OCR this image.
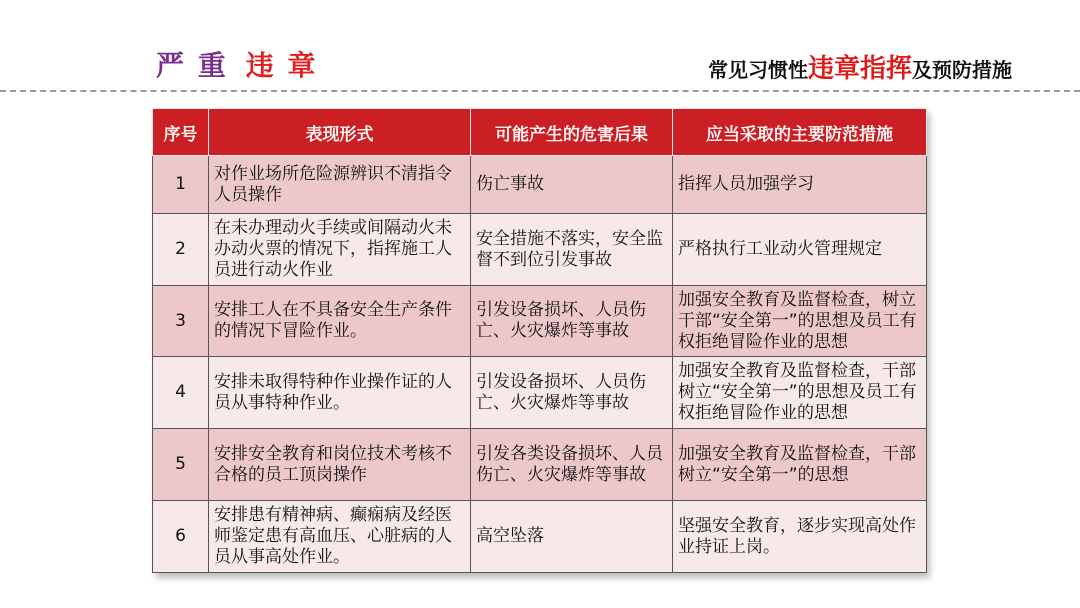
严 重 违 章	常见习惯性违章指挥及预防措施
序号	表现形式	可能产生的危害后果	应当采取的主要防范措施
1	对作业场所危险源辨识不清指令人员操作	伤亡事故	指挥人员加强学习
2	在未办理动火手续或间隔动火未办动火票的情况下，指挥施工人员进行动火作业	安全措施不落实，安全监督不到位引发事故	严格执行工业动火管理规定
3	安排工人在不具备安全生产条件的情况下冒险作业。	引发设备损坏、人员伤亡、火灾爆炸等事故	加强安全教育及监督检查，树立干部“安全第一”的思想及员工有权拒绝冒险作业的思想
4	安排未取得特种作业操作证的人员从事特种作业。	引发设备损坏、人员伤亡、火灾爆炸等事故	加强安全教育及监督检查，干部树立“安全第一”的思想及员工有权拒绝冒险作业的思想
5	安排安全教育和岗位技术考核不合格的员工顶岗操作	引发各类设备损坏、人员伤亡、火灾爆炸等事故	加强安全教育及监督检查，干部树立“安全第一”的思想
6	安排患有精神病、癫痫病及经医师鉴定患有高血压、心脏病的人员从事高处作业。	高空坠落	坚强安全教育，逐步实现高处作业持证上岗。
